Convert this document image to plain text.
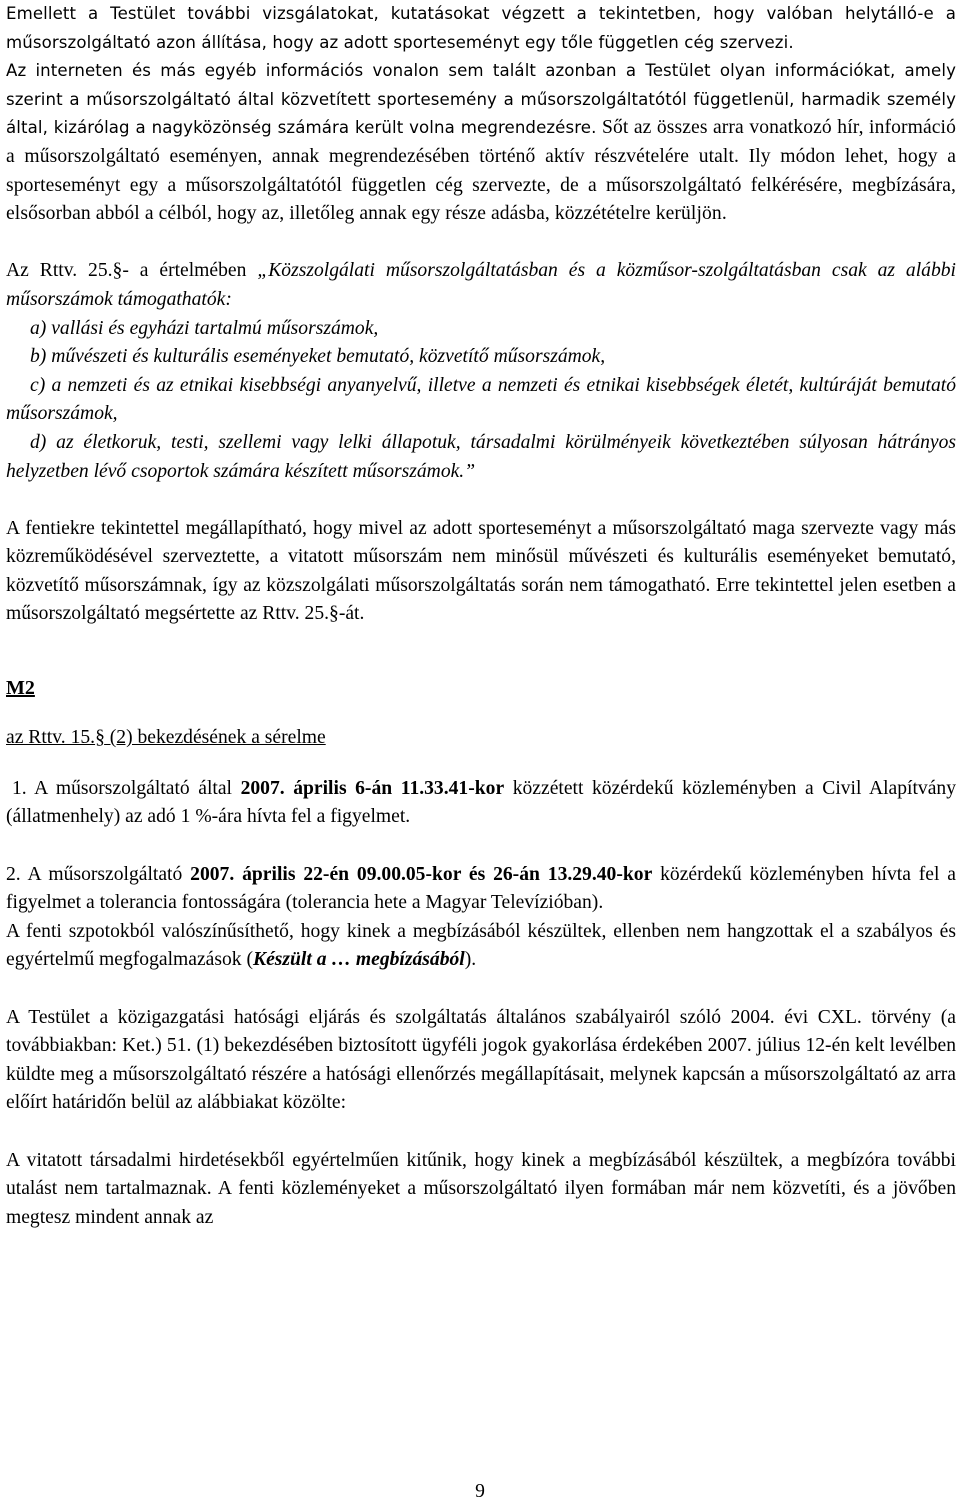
Emellett a Testület további vizsgálatokat, kutatásokat végzett a tekintetben, hogy valóban helytálló-e a műsorszolgáltató azon állítása, hogy az adott sporteseményt egy tőle független cég szervezi.

Az interneten és más egyéb információs vonalon sem talált azonban a Testület olyan információkat, amely szerint a műsorszolgáltató által közvetített sportesemény a műsorszolgáltatótól függetlenül, harmadik személy által, kizárólag a nagyközönség számára került volna megrendezésre. Sőt az összes arra vonatkozó hír, információ a műsorszolgáltató eseményen, annak megrendezésében történő aktív részvételére utalt. Ily módon lehet, hogy a sporteseményt egy a műsorszolgáltatótól független cég szervezte, de a műsorszolgáltató felkérésére, megbízására, elsősorban abból a célból, hogy az, illetőleg annak egy része adásba, közzétételre kerüljön.

Az Rttv. 25.§- a értelmében „Közszolgálati műsorszolgáltatásban és a közműsor-szolgáltatásban csak az alábbi műsorszámok támogathatók:
a) vallási és egyházi tartalmú műsorszámok,
b) művészeti és kulturális eseményeket bemutató, közvetítő műsorszámok,
c) a nemzeti és az etnikai kisebbségi anyanyelvű, illetve a nemzeti és etnikai kisebbségek életét, kultúráját bemutató műsorszámok,
d) az életkoruk, testi, szellemi vagy lelki állapotuk, társadalmi körülményeik következtében súlyosan hátrányos helyzetben lévő csoportok számára készített műsorszámok.”

A fentiekre tekintettel megállapítható, hogy mivel az adott sporteseményt a műsorszolgáltató maga szervezte vagy más közreműködésével szerveztette, a vitatott műsorszám nem minősül művészeti és kulturális eseményeket bemutató, közvetítő műsorszámnak, így az közszolgálati műsorszolgáltatás során nem támogatható. Erre tekintettel jelen esetben a műsorszolgáltató megsértette az Rttv. 25.§-át.

M2

az Rttv. 15.§ (2) bekezdésének a sérelme

1. A műsorszolgáltató által 2007. április 6-án 11.33.41-kor közzétett közérdekű közleményben a Civil Alapítvány (állatmenhely) az adó 1 %-ára hívta fel a figyelmet.

2. A műsorszolgáltató 2007. április 22-én 09.00.05-kor és 26-án 13.29.40-kor közérdekű közleményben hívta fel a figyelmet a tolerancia fontosságára (tolerancia hete a Magyar Televízióban).

A fenti szpotokból valószínűsíthető, hogy kinek a megbízásából készültek, ellenben nem hangzottak el a szabályos és egyértelmű megfogalmazások (Készült a … megbízásából).

A Testület a közigazgatási hatósági eljárás és szolgáltatás általános szabályairól szóló 2004. évi CXL. törvény (a továbbiakban: Ket.) 51. (1) bekezdésében biztosított ügyféli jogok gyakorlása érdekében 2007. július 12-én kelt levélben küldte meg a műsorszolgáltató részére a hatósági ellenőrzés megállapításait, melynek kapcsán a műsorszolgáltató az arra előírt határidőn belül az alábbiakat közölte:

A vitatott társadalmi hirdetésekből egyértelműen kitűnik, hogy kinek a megbízásából készültek, a megbízóra további utalást nem tartalmaznak. A fenti közleményeket a műsorszolgáltató ilyen formában már nem közvetíti, és a jövőben megtesz mindent annak az

9
